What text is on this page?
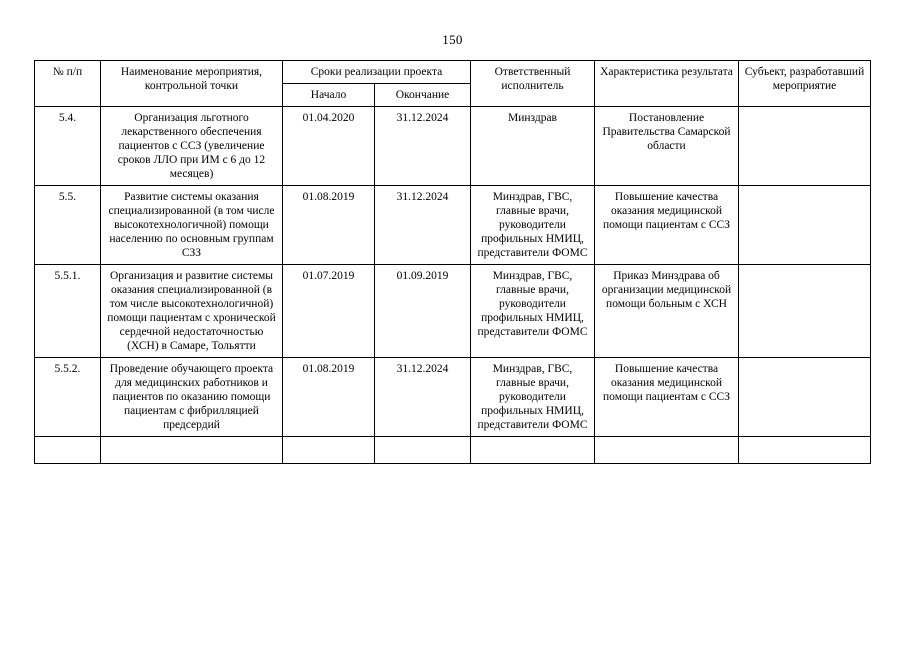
150
№ п/п	Наименование мероприятия, контрольной точки	Сроки реализации проекта		Ответственный исполнитель	Характеристика результата	Субъект, разработавший мероприятие
		Начало	Окончание			
5.4.	Организация льготного лекарственного обеспечения пациентов с ССЗ (увеличение сроков ЛЛО при ИМ с 6 до 12 месяцев)	01.04.2020	31.12.2024	Минздрав	Постановление Правительства Самарской области	
5.5.	Развитие системы оказания специализированной (в том числе высокотехнологичной) помощи населению по основным группам СЗЗ	01.08.2019	31.12.2024	Минздрав, ГВС, главные врачи, руководители профильных НМИЦ, представители ФОМС	Повышение качества оказания медицинской помощи пациентам с ССЗ	
5.5.1.	Организация и развитие системы оказания специализированной (в том числе высокотехнологичной) помощи пациентам с хронической сердечной недостаточностью (ХСН) в Самаре, Тольятти	01.07.2019	01.09.2019	Минздрав, ГВС, главные врачи, руководители профильных НМИЦ, представители ФОМС	Приказ Минздрава об организации медицинской помощи больным с ХСН	
5.5.2.	Проведение обучающего проекта для медицинских работников и пациентов по оказанию помощи пациентам с фибрилляцией предсердий	01.08.2019	31.12.2024	Минздрав, ГВС, главные врачи, руководители профильных НМИЦ, представители ФОМС	Повышение качества оказания медицинской помощи пациентам с ССЗ	
